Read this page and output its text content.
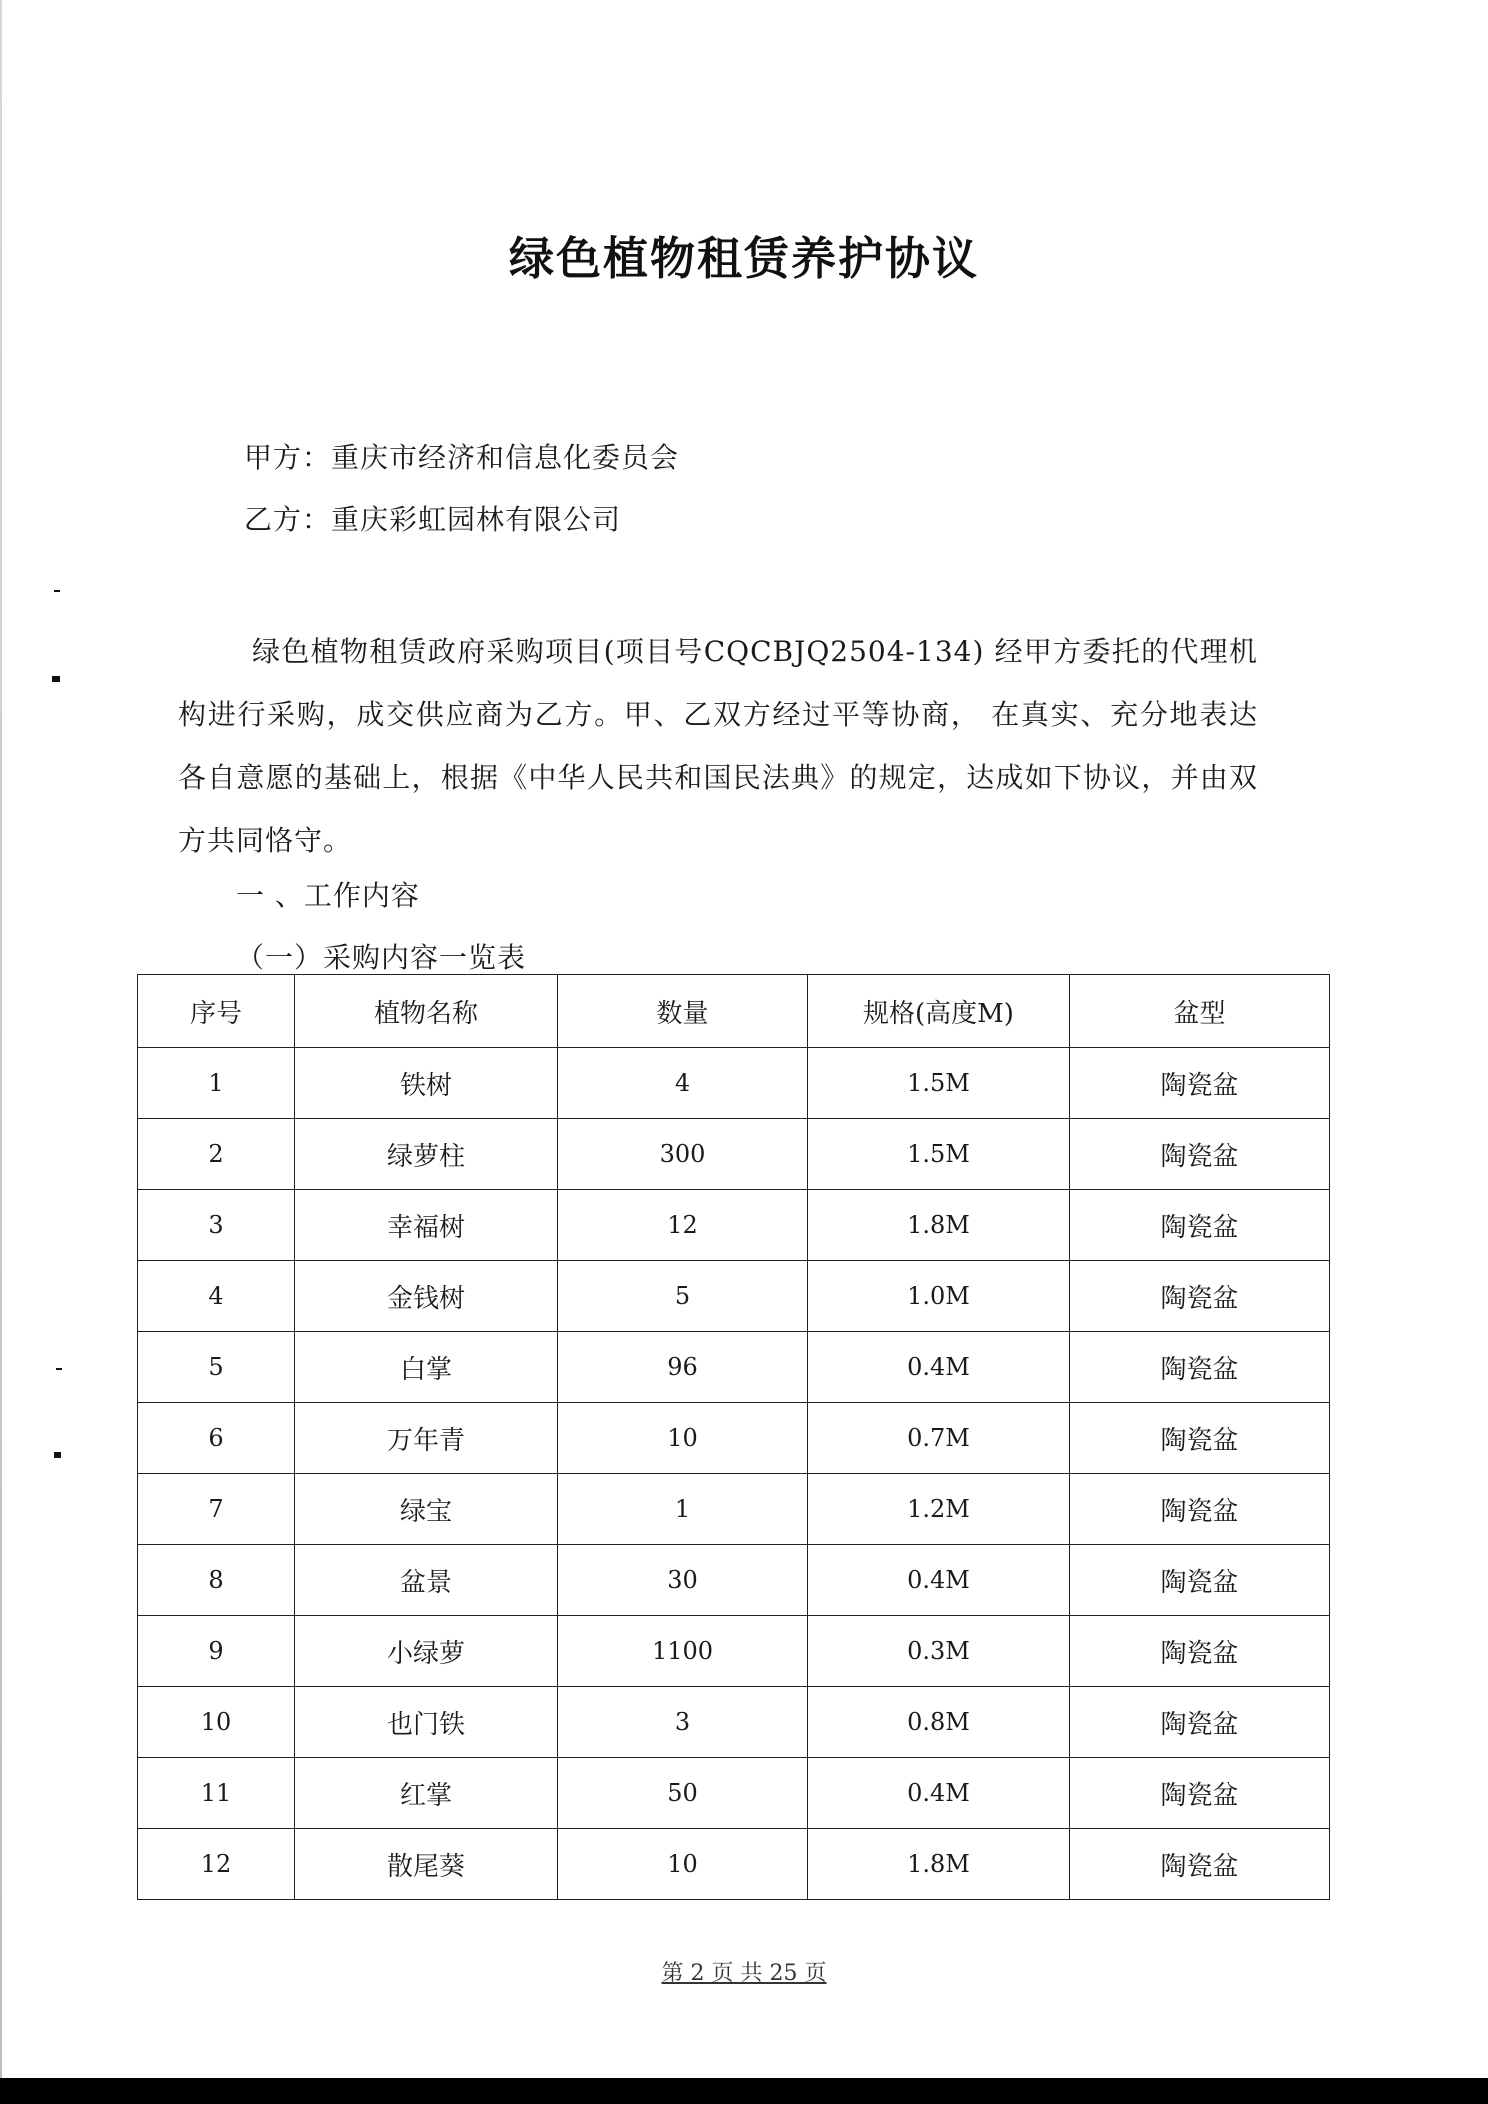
绿色植物租赁养护协议
甲方：重庆市经济和信息化委员会
乙方：重庆彩虹园林有限公司
绿色植物租赁政府采购项目(项目号CQCBJQ2504-134) 经甲方委托的代理机构进行采购，成交供应商为乙方。甲、乙双方经过平等协商， 在真实、充分地表达各自意愿的基础上，根据《中华人民共和国民法典》的规定，达成如下协议，并由双方共同恪守。
一 、工作内容
（一）采购内容一览表
序号	植物名称	数量	规格(高度M)	盆型
1	铁树	4	1.5M	陶瓷盆
2	绿萝柱	300	1.5M	陶瓷盆
3	幸福树	12	1.8M	陶瓷盆
4	金钱树	5	1.0M	陶瓷盆
5	白掌	96	0.4M	陶瓷盆
6	万年青	10	0.7M	陶瓷盆
7	绿宝	1	1.2M	陶瓷盆
8	盆景	30	0.4M	陶瓷盆
9	小绿萝	1100	0.3M	陶瓷盆
10	也门铁	3	0.8M	陶瓷盆
11	红掌	50	0.4M	陶瓷盆
12	散尾葵	10	1.8M	陶瓷盆
第 2 页 共 25 页
